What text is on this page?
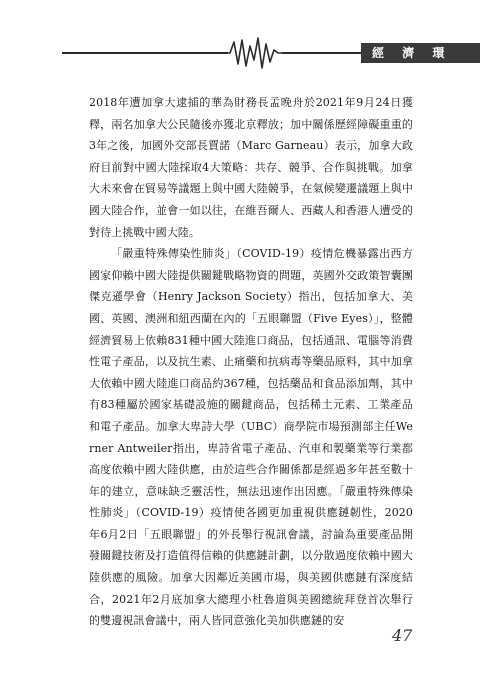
經 濟 環 境

2018年遭加拿大逮捕的華為財務長孟晚舟於2021年9月24日獲釋，兩名加拿大公民隨後亦獲北京釋放；加中關係歷經障礙重重的3年之後，加國外交部長賈諾（Marc Garneau）表示，加拿大政府目前對中國大陸採取4大策略：共存、競爭、合作與挑戰。加拿大未來會在貿易等議題上與中國大陸競爭，在氣候變遷議題上與中國大陸合作，並會一如以往，在維吾爾人、西藏人和香港人遭受的對待上挑戰中國大陸。

「嚴重特殊傳染性肺炎」（COVID-19）疫情危機暴露出西方國家仰賴中國大陸提供關鍵戰略物資的問題，英國外交政策智囊團傑克遜學會（Henry Jackson Society）指出，包括加拿大、美國、英國、澳洲和紐西蘭在內的「五眼聯盟（Five Eyes）」，整體經濟貿易上依賴831種中國大陸進口商品，包括通訊、電腦等消費性電子產品，以及抗生素、止痛藥和抗病毒等藥品原料，其中加拿大依賴中國大陸進口商品約367種，包括藥品和食品添加劑，其中有83種屬於國家基礎設施的關鍵商品，包括稀土元素、工業產品和電子產品。加拿大卑詩大學（UBC）商學院市場預測部主任Werner Antweiler指出，卑詩省電子產品、汽車和製藥業等行業都高度依賴中國大陸供應，由於這些合作關係都是經過多年甚至數十年的建立，意味缺乏靈活性，無法迅速作出因應。「嚴重特殊傳染性肺炎」（COVID-19）疫情使各國更加重視供應鏈韌性，2020年6月2日「五眼聯盟」的外長舉行視訊會議，討論為重要產品開發關鍵技術及打造值得信賴的供應鏈計劃，以分散過度依賴中國大陸供應的風險。加拿大因鄰近美國市場，與美國供應鏈有深度結合，2021年2月底加拿大總理小杜魯道與美國總統拜登首次舉行的雙邊視訊會議中，兩人皆同意強化美加供應鏈的安

47
